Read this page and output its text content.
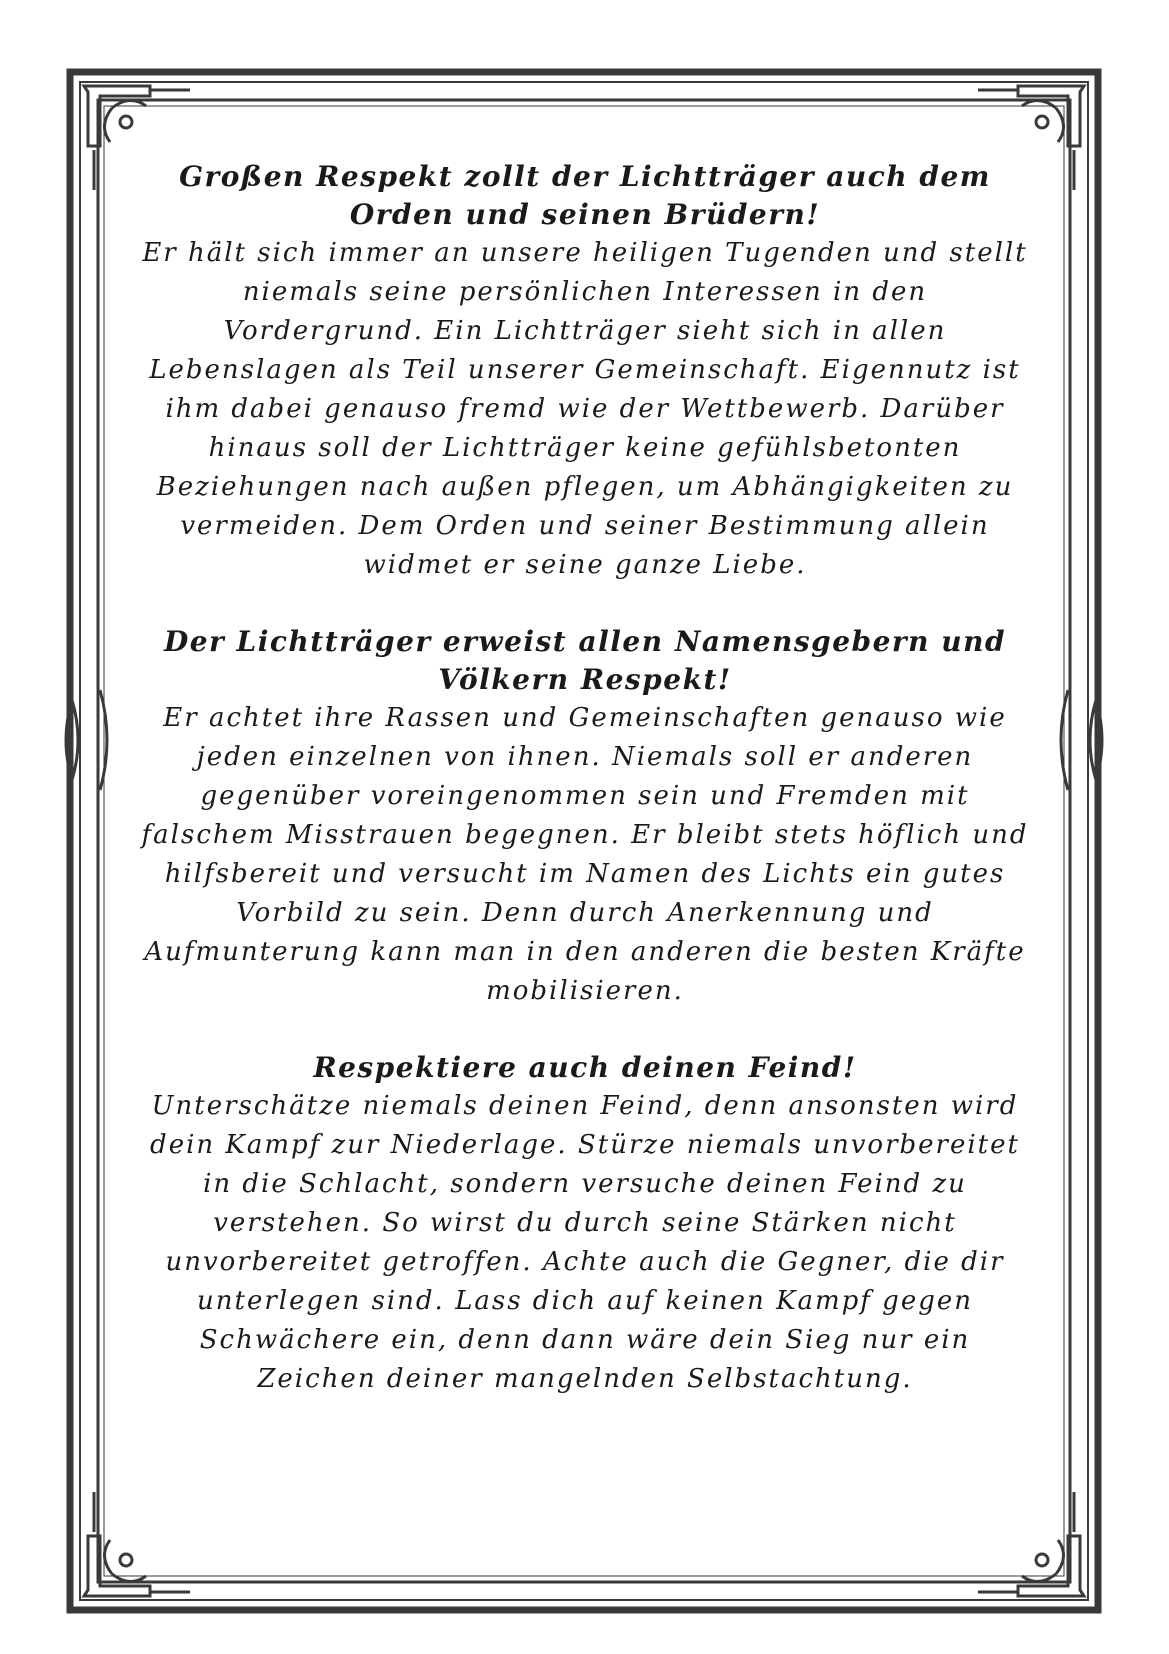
Großen Respekt zollt der Lichtträger auch dem Orden und seinen Brüdern!

Er hält sich immer an unsere heiligen Tugenden und stellt niemals seine persönlichen Interessen in den Vordergrund. Ein Lichtträger sieht sich in allen Lebenslagen als Teil unserer Gemeinschaft. Eigennutz ist ihm dabei genauso fremd wie der Wettbewerb. Darüber hinaus soll der Lichtträger keine gefühlsbetonten Beziehungen nach außen pflegen, um Abhängigkeiten zu vermeiden. Dem Orden und seiner Bestimmung allein widmet er seine ganze Liebe.

Der Lichtträger erweist allen Namensgebern und Völkern Respekt!

Er achtet ihre Rassen und Gemeinschaften genauso wie jeden einzelnen von ihnen. Niemals soll er anderen gegenüber voreingenommen sein und Fremden mit falschem Misstrauen begegnen. Er bleibt stets höflich und hilfsbereit und versucht im Namen des Lichts ein gutes Vorbild zu sein. Denn durch Anerkennung und Aufmunterung kann man in den anderen die besten Kräfte mobilisieren.

Respektiere auch deinen Feind!

Unterschätze niemals deinen Feind, denn ansonsten wird dein Kampf zur Niederlage. Stürze niemals unvorbereitet in die Schlacht, sondern versuche deinen Feind zu verstehen. So wirst du durch seine Stärken nicht unvorbereitet getroffen. Achte auch die Gegner, die dir unterlegen sind. Lass dich auf keinen Kampf gegen Schwächere ein, denn dann wäre dein Sieg nur ein Zeichen deiner mangelnden Selbstachtung.
